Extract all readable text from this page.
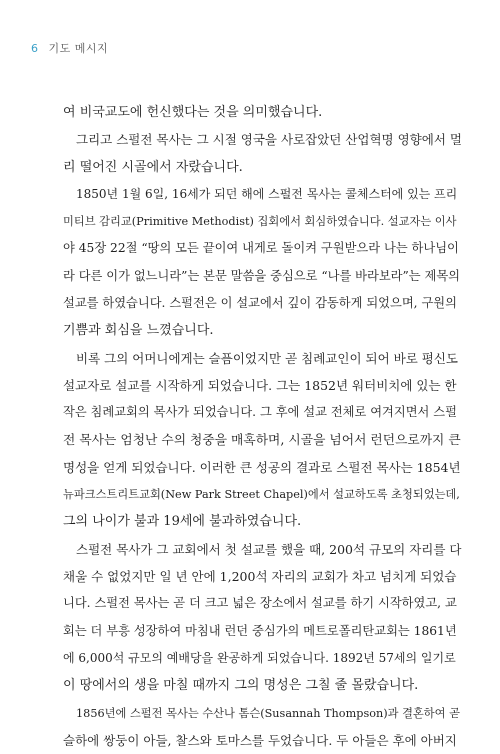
6 기도 메시지

여 비국교도에 헌신했다는 것을 의미했습니다.

그리고 스펄전 목사는 그 시절 영국을 사로잡았던 산업혁명 영향에서 멀
리 떨어진 시골에서 자랐습니다.

1850년 1월 6일, 16세가 되던 해에 스펄전 목사는 콜체스터에 있는 프리
미티브 감리교(Primitive Methodist) 집회에서 회심하였습니다. 설교자는 이사
야 45장 22절 “땅의 모든 끝이여 내게로 돌이켜 구원받으라 나는 하나님이
라 다른 이가 없느니라”는 본문 말씀을 중심으로 “나를 바라보라”는 제목의
설교를 하였습니다. 스펄전은 이 설교에서 깊이 감동하게 되었으며, 구원의
기쁨과 회심을 느꼈습니다.

비록 그의 어머니에게는 슬픔이었지만 곧 침례교인이 되어 바로 평신도
설교자로 설교를 시작하게 되었습니다. 그는 1852년 워터비치에 있는 한
작은 침례교회의 목사가 되었습니다. 그 후에 설교 전체로 여겨지면서 스펄
전 목사는 엄청난 수의 청중을 매혹하며, 시골을 넘어서 런던으로까지 큰
명성을 얻게 되었습니다. 이러한 큰 성공의 결과로 스펄전 목사는 1854년
뉴파크스트리트교회(New Park Street Chapel)에서 설교하도록 초청되었는데,
그의 나이가 불과 19세에 불과하였습니다.

스펄전 목사가 그 교회에서 첫 설교를 했을 때, 200석 규모의 자리를 다
채울 수 없었지만 일 년 안에 1,200석 자리의 교회가 차고 넘치게 되었습
니다. 스펄전 목사는 곧 더 크고 넓은 장소에서 설교를 하기 시작하였고, 교
회는 더 부흥 성장하여 마침내 런던 중심가의 메트로폴리탄교회는 1861년
에 6,000석 규모의 예배당을 완공하게 되었습니다. 1892년 57세의 일기로
이 땅에서의 생을 마칠 때까지 그의 명성은 그칠 줄 몰랐습니다.

1856년에 스펄전 목사는 수산나 톰슨(Susannah Thompson)과 결혼하여 곧
슬하에 쌍둥이 아들, 찰스와 토마스를 두었습니다. 두 아들은 후에 아버지
